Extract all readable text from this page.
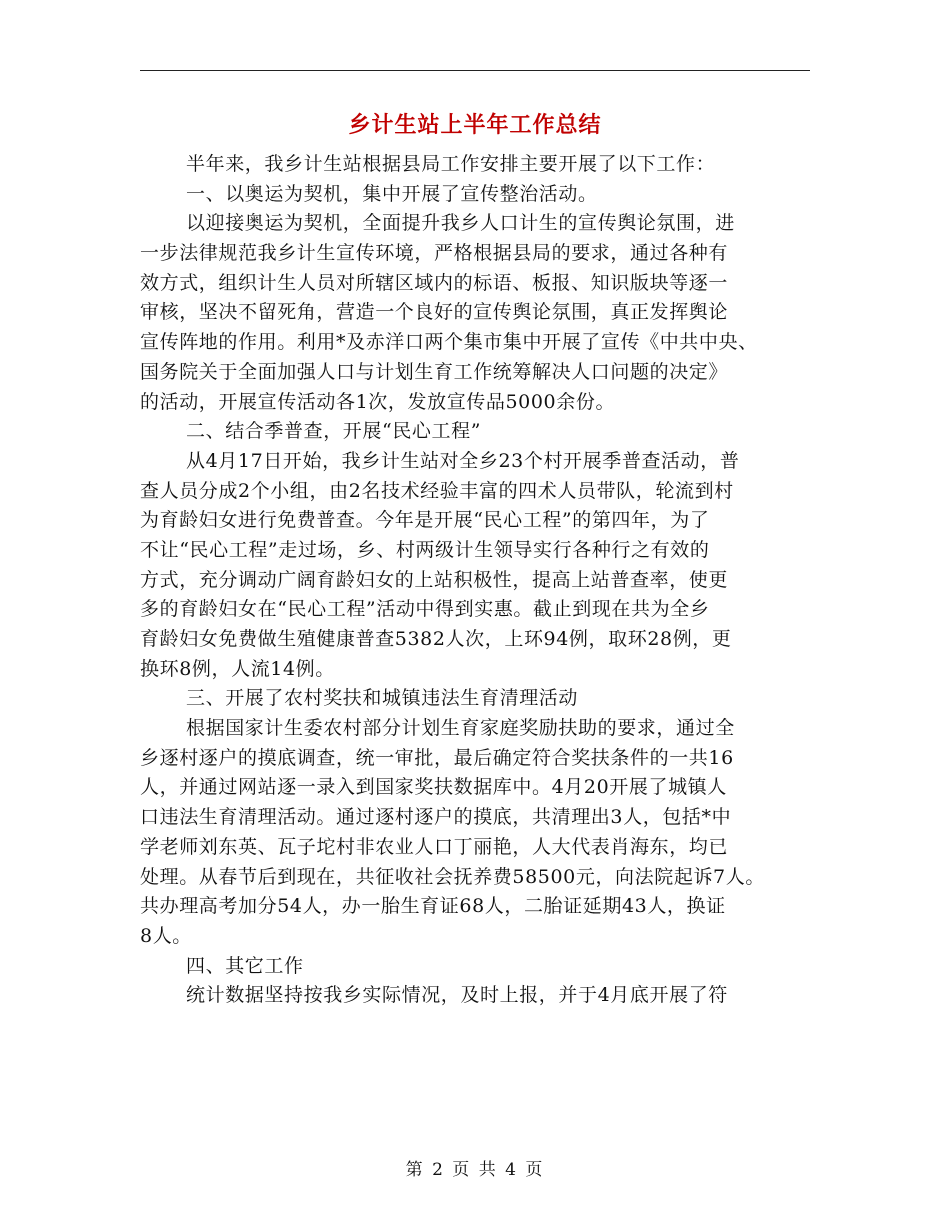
乡计生站上半年工作总结
半年来，我乡计生站根据县局工作安排主要开展了以下工作：
一、以奥运为契机，集中开展了宣传整治活动。
以迎接奥运为契机，全面提升我乡人口计生的宣传舆论氛围，进
一步法律规范我乡计生宣传环境，严格根据县局的要求，通过各种有
效方式，组织计生人员对所辖区域内的标语、板报、知识版块等逐一
审核，坚决不留死角，营造一个良好的宣传舆论氛围，真正发挥舆论
宣传阵地的作用。利用*及赤洋口两个集市集中开展了宣传《中共中央、
国务院关于全面加强人口与计划生育工作统筹解决人口问题的决定》
的活动，开展宣传活动各1次，发放宣传品5000余份。
二、结合季普查，开展“民心工程”
从4月17日开始，我乡计生站对全乡23个村开展季普查活动，普
查人员分成2个小组，由2名技术经验丰富的四术人员带队，轮流到村
为育龄妇女进行免费普查。今年是开展“民心工程”的第四年，为了
不让“民心工程”走过场，乡、村两级计生领导实行各种行之有效的
方式，充分调动广阔育龄妇女的上站积极性，提高上站普查率，使更
多的育龄妇女在“民心工程”活动中得到实惠。截止到现在共为全乡
育龄妇女免费做生殖健康普查5382人次，上环94例，取环28例，更
换环8例，人流14例。
三、开展了农村奖扶和城镇违法生育清理活动
根据国家计生委农村部分计划生育家庭奖励扶助的要求，通过全
乡逐村逐户的摸底调查，统一审批，最后确定符合奖扶条件的一共16
人，并通过网站逐一录入到国家奖扶数据库中。4月20开展了城镇人
口违法生育清理活动。通过逐村逐户的摸底，共清理出3人，包括*中
学老师刘东英、瓦子坨村非农业人口丁丽艳，人大代表肖海东，均已
处理。从春节后到现在，共征收社会抚养费58500元，向法院起诉7人。
共办理高考加分54人，办一胎生育证68人，二胎证延期43人，换证
8人。
四、其它工作
统计数据坚持按我乡实际情况，及时上报，并于4月底开展了符
第 2 页 共 4 页
